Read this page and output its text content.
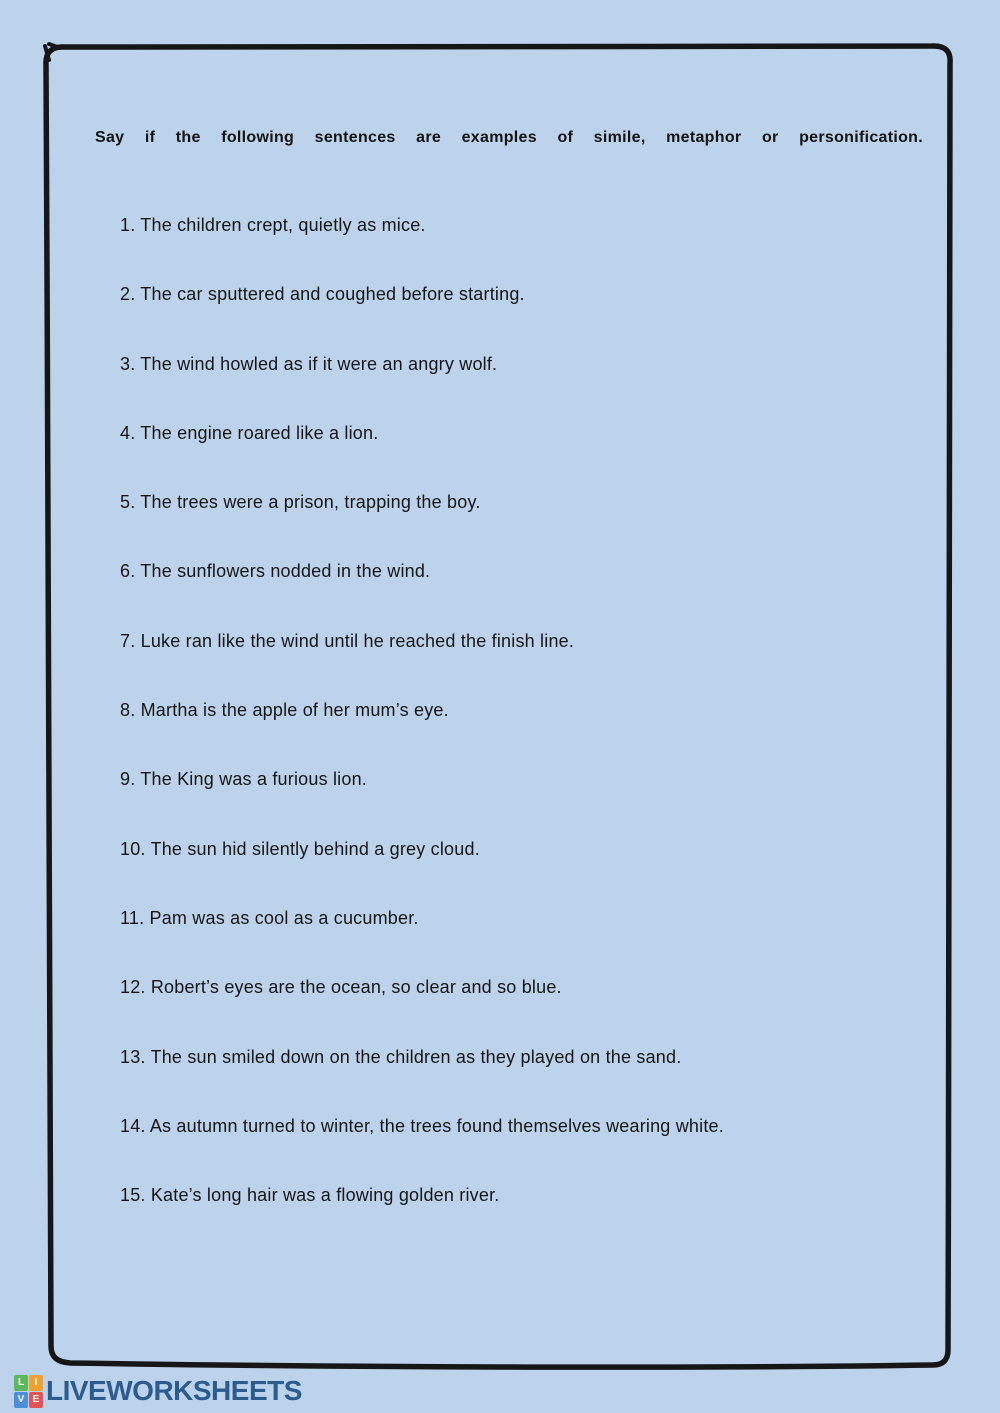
Say if the following sentences are examples of simile, metaphor or personification.
1. The children crept, quietly as mice.
2. The car sputtered and coughed before starting.
3. The wind howled as if it were an angry wolf.
4. The engine roared like a lion.
5. The trees were a prison, trapping the boy.
6. The sunflowers nodded in the wind.
7. Luke ran like the wind until he reached the finish line.
8. Martha is the apple of her mum’s eye.
9. The King was a furious lion.
10. The sun hid silently behind a grey cloud.
11. Pam was as cool as a cucumber.
12. Robert’s eyes are the ocean, so clear and so blue.
13. The sun smiled down on the children as they played on the sand.
14. As autumn turned to winter, the trees found themselves wearing white.
15. Kate’s long hair was a flowing golden river.
L	I
V E LIVEWORKSHEETS
